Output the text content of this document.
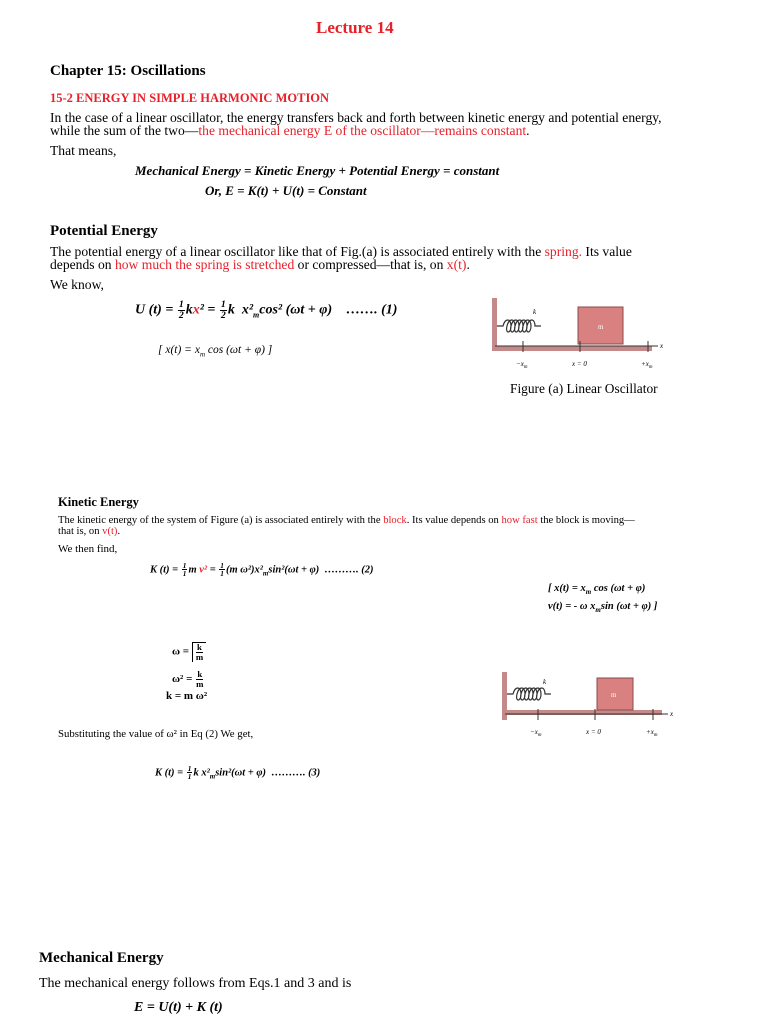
Lecture 14
Chapter 15: Oscillations
15-2 ENERGY IN SIMPLE HARMONIC MOTION
In the case of a linear oscillator, the energy transfers back and forth between kinetic energy and potential energy,
while the sum of the two—the mechanical energy E of the oscillator—remains constant.
That means,
Mechanical Energy = Kinetic Energy + Potential Energy = constant
Or, E = K(t) + U(t) = Constant
Potential Energy
The potential energy of a linear oscillator like that of Fig.(a) is associated entirely with the spring. Its value
depends on how much the spring is stretched or compressed—that is, on x(t).
We know,
U $(t) = \frac{1}{2} kx^2 = \frac{1}{2}$ k  $x^2_m\cos^2$ (ωt + φ) ……. (1)
[ $x(t) = x_m$ cos (ωt + φ) ]
k
m
x
$-x_m$	x = 0	$+x_m$
Figure (a) Linear Oscillator
Kinetic Energy
The kinetic energy of the system of Figure (a) is associated entirely with the block. Its value depends on how fast the block is moving—
that is, on v(t).
We then find,
K $(t) = \frac{1}{1}$ m $v^2 = \frac{1}{1} (m$ $\omega^2)x^2_m\sin^2(\omega t + \varphi)$  ………. (2)
[ $x(t) = x_m$ cos (ωt + φ)
v(t) = - ω $x_m\sin$ (ωt + φ) ]
$\omega = \frac{k}{m}$
$\omega^2 = \frac{k}{m}$
k = m ω²
k
m
x
$-x_m$	x = 0	$+x_m$
Substituting the value of ω² in Eq (2) We get,
K $(t) = \frac{1}{1}$ k $x^2_m\sin^2(\omega t + \varphi)$  ………. (3)
Mechanical Energy
The mechanical energy follows from Eqs.1 and 3 and is
E = U(t) + K (t)
